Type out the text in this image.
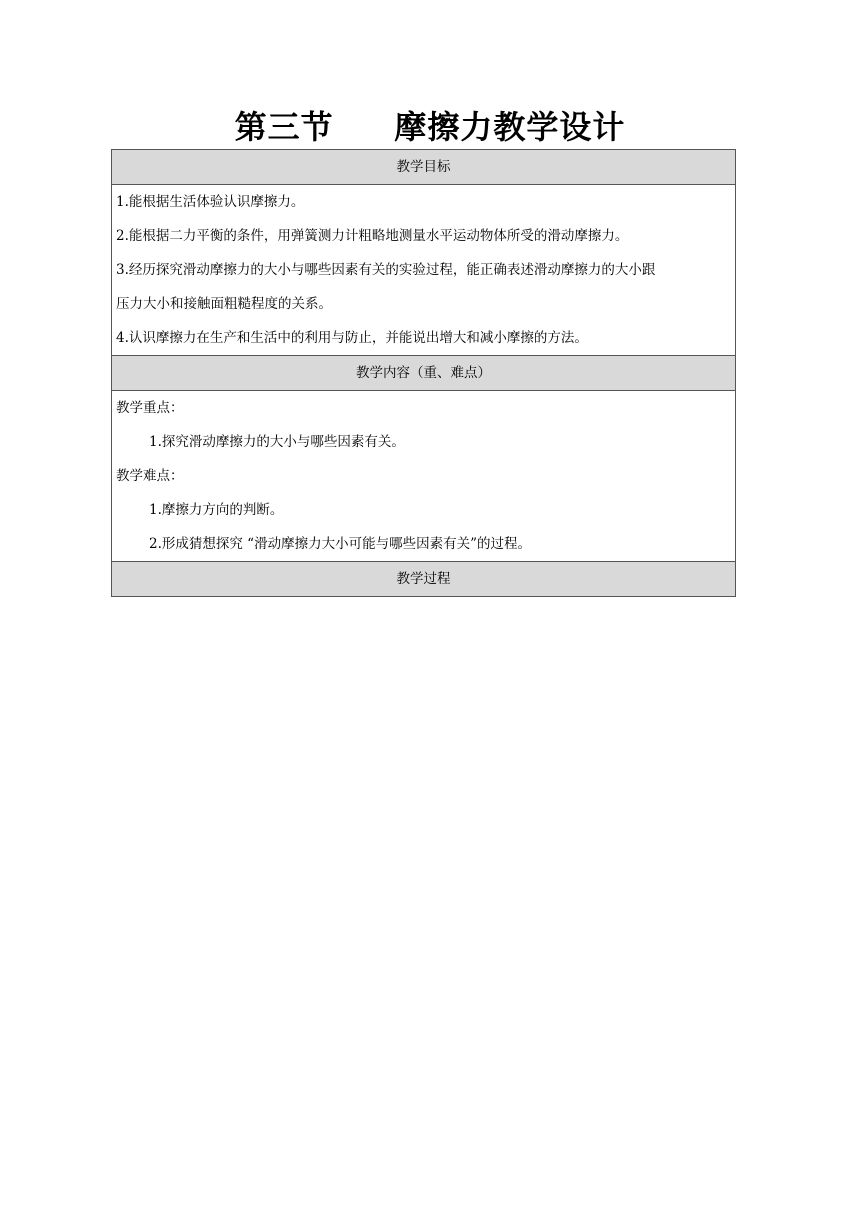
第三节     摩擦力教学设计
教学目标
1.能根据生活体验认识摩擦力。
2.能根据二力平衡的条件，用弹簧测力计粗略地测量水平运动物体所受的滑动摩擦力。
3.经历探究滑动摩擦力的大小与哪些因素有关的实验过程，能正确表述滑动摩擦力的大小跟
压力大小和接触面粗糙程度的关系。
4.认识摩擦力在生产和生活中的利用与防止，并能说出增大和减小摩擦的方法。
教学内容（重、难点）
教学重点：
1.探究滑动摩擦力的大小与哪些因素有关。
教学难点：
1.摩擦力方向的判断。
2.形成猜想探究 “滑动摩擦力大小可能与哪些因素有关”的过程。
教学过程
